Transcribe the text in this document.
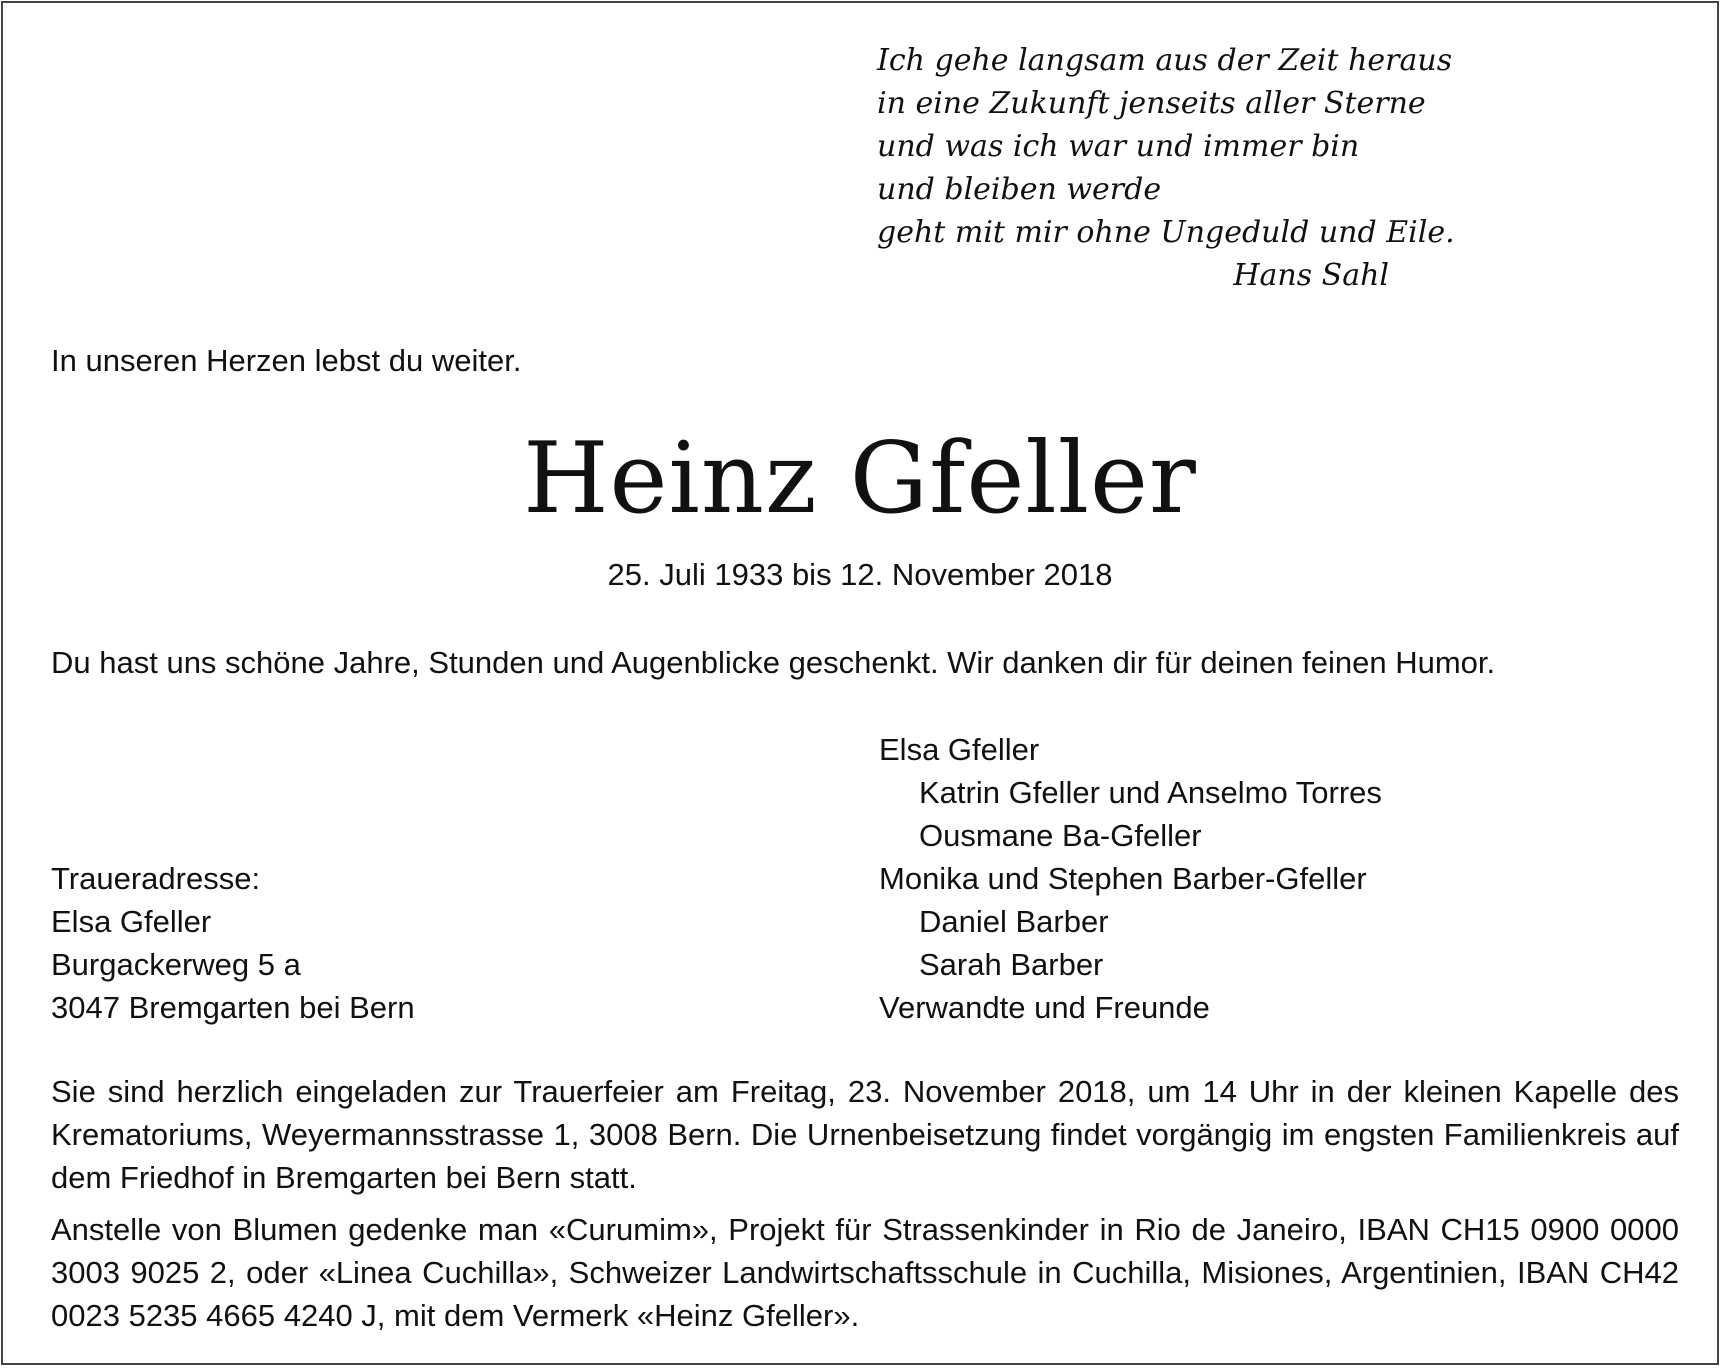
Ich gehe langsam aus der Zeit heraus
in eine Zukunft jenseits aller Sterne
und was ich war und immer bin
und bleiben werde
geht mit mir ohne Ungeduld und Eile.
Hans Sahl
In unseren Herzen lebst du weiter.
Heinz Gfeller
25. Juli 1933 bis 12. November 2018
Du hast uns schöne Jahre, Stunden und Augenblicke geschenkt. Wir danken dir für deinen feinen Humor.
Elsa Gfeller
Katrin Gfeller und Anselmo Torres
Ousmane Ba-Gfeller
Monika und Stephen Barber-Gfeller
Daniel Barber
Sarah Barber
Verwandte und Freunde
Traueradresse:
Elsa Gfeller
Burgackerweg 5 a
3047 Bremgarten bei Bern
Sie sind herzlich eingeladen zur Trauerfeier am Freitag, 23. November 2018, um 14 Uhr in der kleinen Kapelle des Krematoriums, Weyermannsstrasse 1, 3008 Bern. Die Urnenbeisetzung findet vorgängig im engsten Familienkreis auf dem Friedhof in Bremgarten bei Bern statt.
Anstelle von Blumen gedenke man «Curumim», Projekt für Strassenkinder in Rio de Janeiro, IBAN CH15 0900 0000 3003 9025 2, oder «Linea Cuchilla», Schweizer Landwirtschaftsschule in Cuchilla, Misiones, Argentinien, IBAN CH42 0023 5235 4665 4240 J, mit dem Vermerk «Heinz Gfeller».
